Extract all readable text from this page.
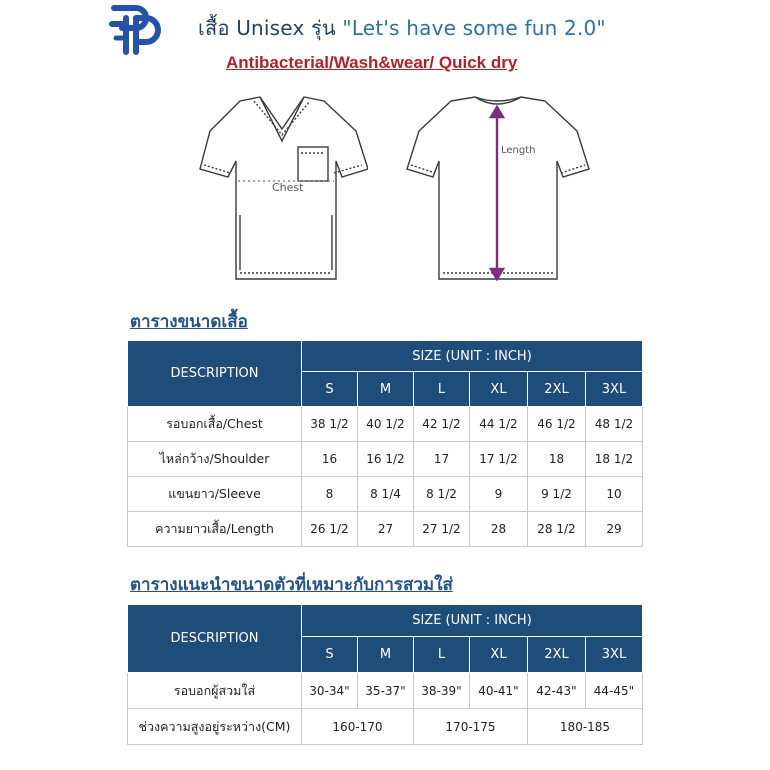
เสื้อ Unisex รุ่น "Let's have some fun 2.0"
Antibacterial/Wash&wear/ Quick dry
Chest
Length
ตารางขนาดเสื้อ
DESCRIPTION	SIZE (UNIT : INCH)					
	S	M	L	XL	2XL	3XL
รอบอกเสื้อ/Chest	38 1/2	40 1/2	42 1/2	44 1/2	46 1/2	48 1/2
ไหล่กว้าง/Shoulder	16	16 1/2	17	17 1/2	18	18 1/2
แขนยาว/Sleeve	8	8 1/4	8 1/2	9	9 1/2	10
ความยาวเสื้อ/Length	26 1/2	27	27 1/2	28	28 1/2	29
ตารางแนะนำขนาดตัวที่เหมาะกับการสวมใส่
DESCRIPTION	SIZE (UNIT : INCH)					
	S	M	L	XL	2XL	3XL
รอบอกผู้สวมใส่	30-34"	35-37"	38-39"	40-41"	42-43"	44-45"
ช่วงความสูงอยู่ระหว่าง(CM)	160-170		170-175		180-185	
